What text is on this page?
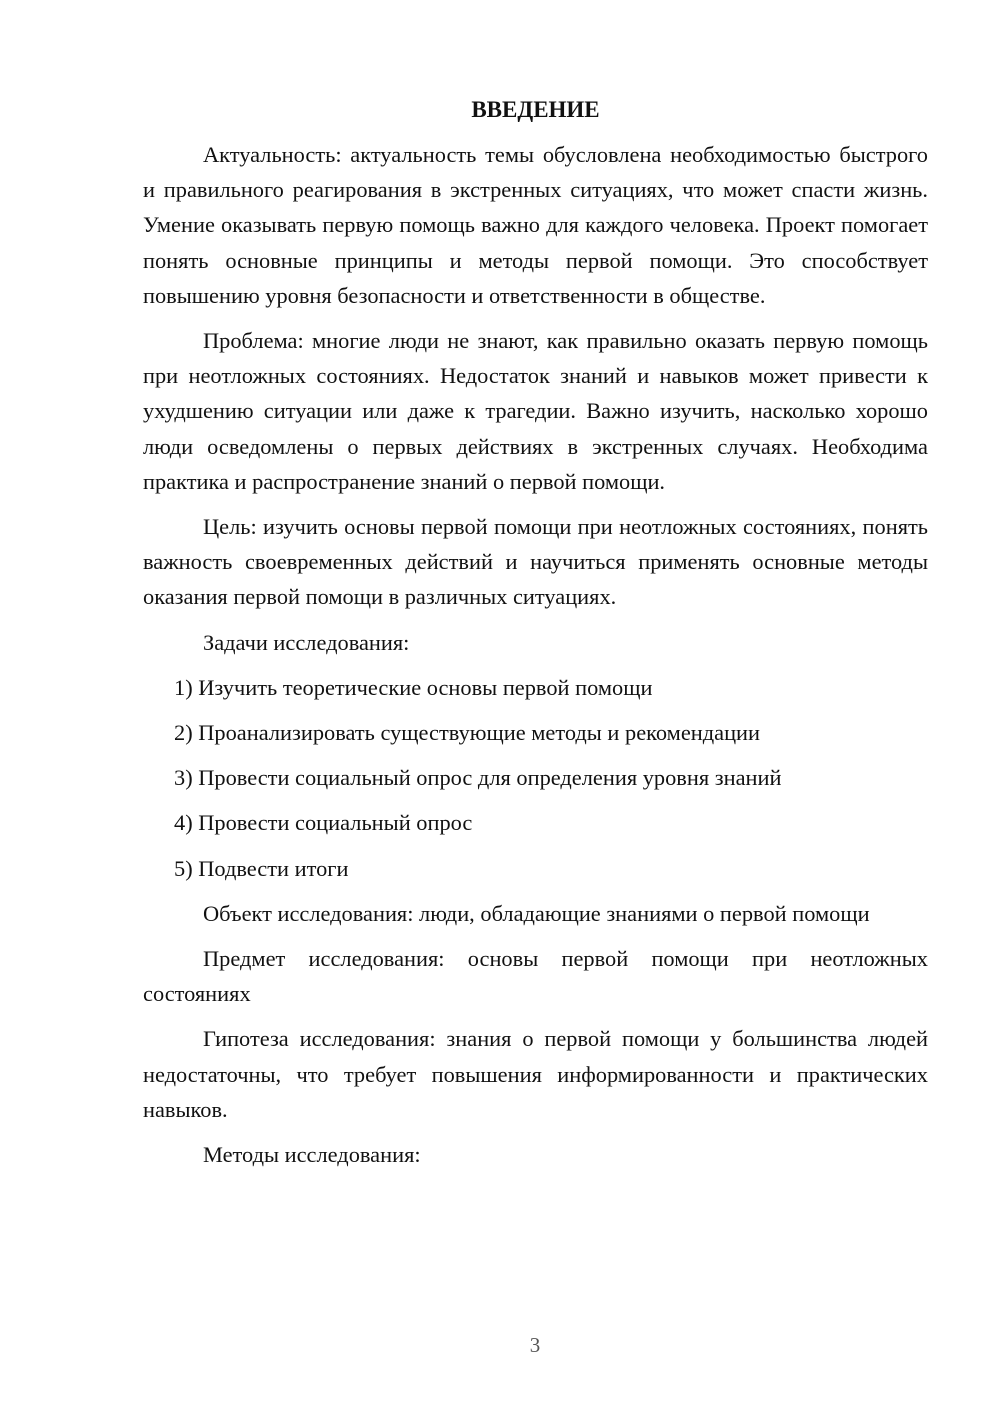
ВВЕДЕНИЕ

Актуальность: актуальность темы обусловлена необходимостью быстрого и правильного реагирования в экстренных ситуациях, что может спасти жизнь. Умение оказывать первую помощь важно для каждого человека. Проект помогает понять основные принципы и методы первой помощи. Это способствует повышению уровня безопасности и ответственности в обществе.

Проблема: многие люди не знают, как правильно оказать первую помощь при неотложных состояниях. Недостаток знаний и навыков может привести к ухудшению ситуации или даже к трагедии. Важно изучить, насколько хорошо люди осведомлены о первых действиях в экстренных случаях. Необходима практика и распространение знаний о первой помощи.

Цель: изучить основы первой помощи при неотложных состояниях, понять важность своевременных действий и научиться применять основные методы оказания первой помощи в различных ситуациях.

Задачи исследования:

1) Изучить теоретические основы первой помощи
2) Проанализировать существующие методы и рекомендации
3) Провести социальный опрос для определения уровня знаний
4) Провести социальный опрос
5) Подвести итоги

Объект исследования: люди, обладающие знаниями о первой помощи

Предмет исследования: основы первой помощи при неотложных состояниях

Гипотеза исследования: знания о первой помощи у большинства людей недостаточны, что требует повышения информированности и практических навыков.

Методы исследования:

3
